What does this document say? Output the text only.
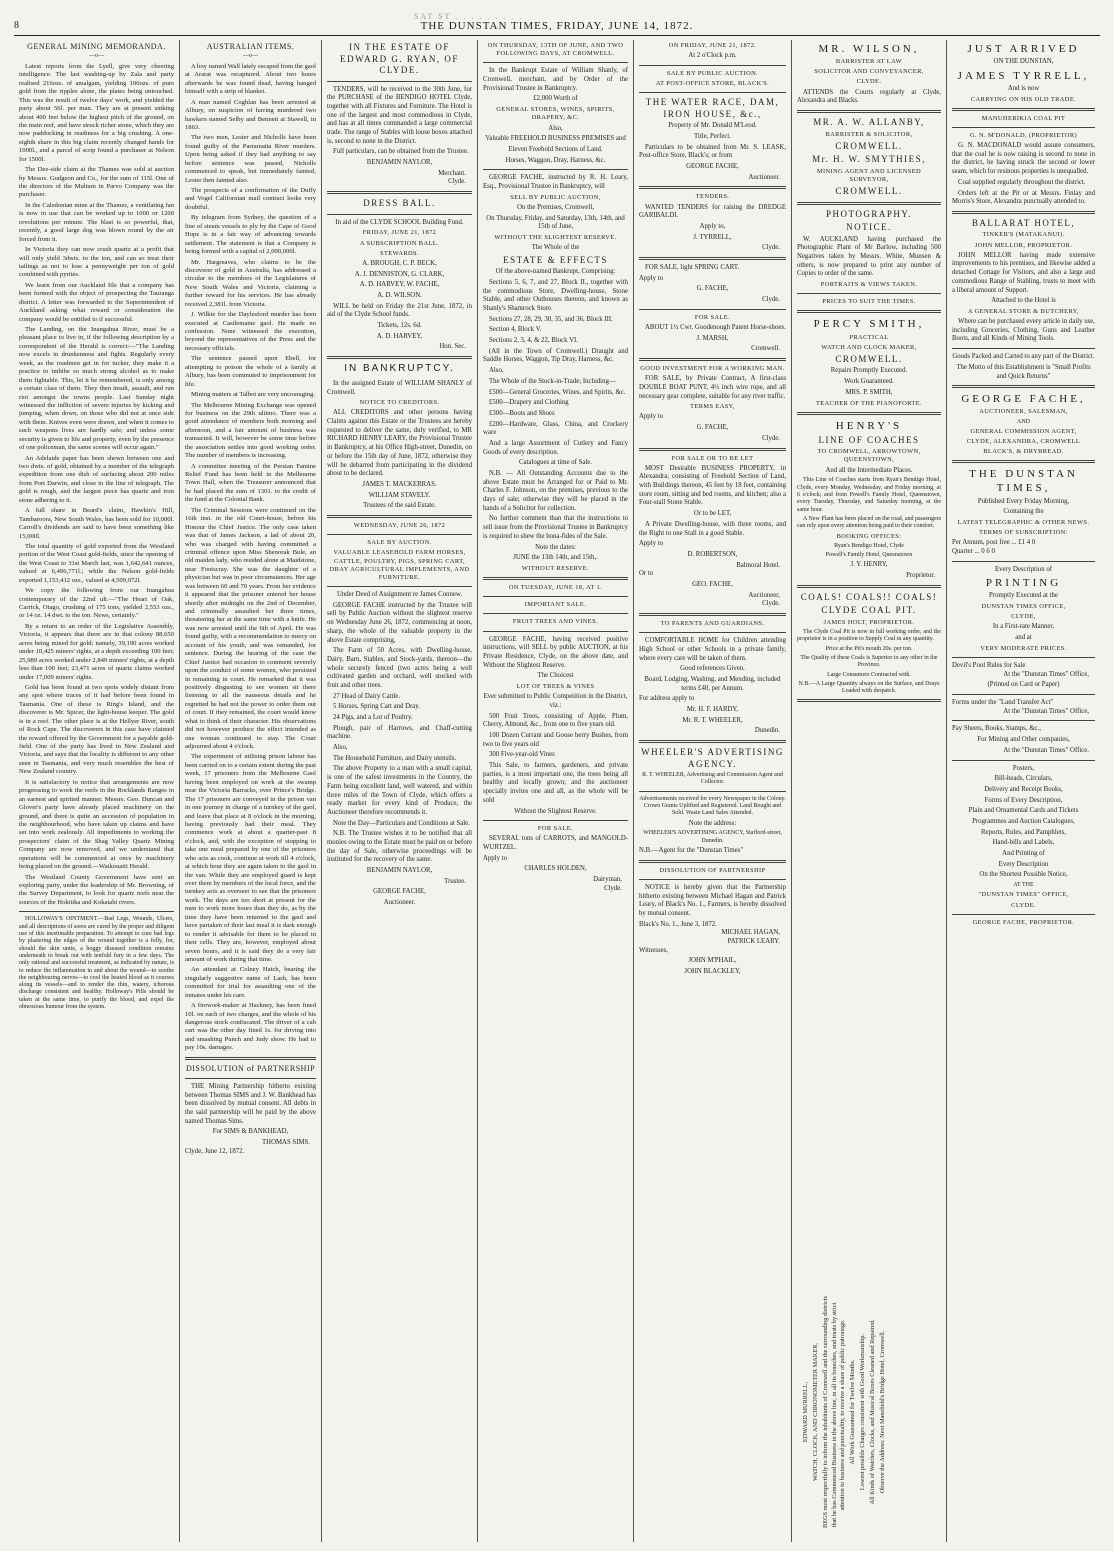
SAT ST . . . . . . . . .
8	THE DUNSTAN TIMES, FRIDAY, JUNE 14, 1872.
GENERAL MINING MEMORANDA.
—o—

Latest reports from the Lyell, give very cheering intelligence. The last washing-up by Zala and party realised 216ozs. of amalgam, yielding 100ozs. of pure gold from the ripples alone, the plates being untouched. This was the result of twelve days' work, and yielded the party about 56l. per man. They are at present sinking about 400 feet below the highest pitch of the ground, on the main reef, and have struck richer stone, which they are now paddocking in readiness for a big crushing. A one-eighth share in this big claim recently changed hands for 1000l., and a parcel of scrip found a purchaser at Nelson for 1500l.

The Dee-side claim at the Thames was sold at auction by Messrs. Gudgeon and Co., for the sum of 115l. One of the directors of the Multum in Parvo Company was the purchaser.

In the Caledonian mine at the Thames, a ventilating fan is now in use that can be worked up to 1000 or 1200 revolutions per minute. The blast is so powerful, that, recently, a good large dog was blown round by the air forced from it.

In Victoria they can now crush quartz at a profit that will only yield 3dwts. to the ton, and can so treat their tailings as not to lose a pennyweight per ton of gold combined with pyrites.

We learn from our Auckland file that a company has been formed with the object of prospecting the Tauranga district. A letter was forwarded to the Superintendent of Auckland asking what reward or consideration the company would be entitled to if successful.

The Landing, on the Inangahua River, must be a pleasant place to live in, if the following description by a correspondent of the Herald is correct:—"The Landing now excels in drunkenness and fights. Regularly every week, as the roadmen get in for tucker, they make it a practice to imbibe so much strong alcohol as to make them fightable. This, let it be remembered, is only among a certain class of them. They then insult, assault, and run riot amongst the towns people. Last Sunday night witnessed the infliction of severe injuries by kicking and jumping, when down, on those who did not at once side with them. Knives even were drawn, and when it comes to such weapons lives are hardly safe; and unless some security is given to life and property, even by the presence of one policeman, the same scenes will occur again."

An Adelaide paper has been shewn between one and two dwts. of gold, obtained by a member of the telegraph expedition from one dish of surfacing about 200 miles from Port Darwin, and close to the line of telegraph. The gold is rough, and the largest piece has quartz and iron stone adhering to it.

A full share in Beard's claim, Hawkin's Hill, Tambaroora, New South Wales, has been sold for 10,000l. Carroll's dividends are said to have been something like 15,000l.

The total quantity of gold exported from the Westland portion of the West Coast gold-fields, since the opening of the West Coast to 31st March last, was 1,642,641 ounces, valued at 6,496,771l.; while the Nelson gold-fields exported 1,153,412 ozs., valued at 4,509,972l.

We copy the following from our Inangahua contemporary of the 22nd ult.—"The Heart of Oak, Carrick, Otago, crushing of 175 tons, yielded 2,553 ozs., or 14 oz. 14 dwt. to the ton. News, certainly."

By a return to an order of the Legislative Assembly, Victoria, it appears that there are in that colony 88,650 acres being mined for gold; namely, 39,190 acres worked under 10,425 miners' rights, at a depth exceeding 100 feet; 25,989 acres worked under 2,849 miners' rights, at a depth less than 100 feet; 23,471 acres of quartz claims worked under 17,009 miners' rights.

Gold has been found at two spots widely distant from any spot where traces of it had before been found in Tasmania. One of these is Ring's Island, and the discoverer is Mr. Spicer, the light-house keeper. The gold is in a reef. The other place is at the Hellyer River, south of Rock Cape. The discoverers in this case have claimed the reward offered by the Government for a payable gold-field. One of the party has lived in New Zealand and Victoria, and says that the locality is different to any other seen in Tasmania, and very much resembles the best of New Zealand country.

It is satisfactory to notice that arrangements are now progressing to work the reefs in the Rocklands Ranges in an earnest and spirited manner. Messrs. Geo. Duncan and Glover's party have already placed machinery on the ground, and there is quite an accession of population in the neighbourhood, who have taken up claims and have set into work zealously. All impediments to working the prospectors' claim of the Shag Valley Quartz Mining Company are now removed, and we understand that operations will be commenced at once by machinery being placed on the ground.—Waikouaiti Herald.

The Westland County Government have sent an exploring party, under the leadership of Mr. Browning, of the Survey Department, to look for quartz reefs near the sources of the Hokitika and Kokatahi rivers.

HOLLOWAY'S OINTMENT.—Bad Legs, Wounds, Ulcers, and all descriptions of sores are cured by the proper and diligent use of this inestimable preparation. To attempt to cure bad legs by plastering the edges of the wound together is a folly, for, should the skin unite, a boggy diseased condition remains underneath to break out with tenfold fury in a few days. The only rational and successful treatment, as indicated by nature, is to reduce the inflammation in and about the wound—to soothe the neighbouring nerves—to cool the heated blood as it courses along its vessels—and to render the thin, watery, ichorous discharge consistent and healthy. Holloway's Pills should be taken at the same time, to purify the blood, and expel the obnoxious humour from the system.

AUSTRALIAN ITEMS.
—o—

A boy named Wall lately escaped from the gaol at Ararat was recaptured. About two hours afterwards he was found dead, having hanged himself with a strip of blanket.

A man named Coghlan has been arrested at Albury, on suspicion of having murdered two hawkers named Selby and Bennett at Stawell, in 1863.

The two men, Lester and Nicholls have been found guilty of the Parramatta River murders. Upon being asked if they had anything to say before sentence was passed, Nicholls commenced to speak, but immediately fainted, Lester then fainted also.

The prospects of a confirmation of the Duffy and Vogel Californian mail contract looks very doubtful.

By telegram from Sydney, the question of a line of steam vessels to ply by the Cape of Good Hope is in a fair way of advancing towards settlement. The statement is that a Company is being formed with a capital of 2,000,000l.

Mr. Hargreaves, who claims to be the discoverer of gold in Australia, has addressed a circular to the members of the Legislatures of New South Wales and Victoria, claiming a further reward for his services. He has already received 2,381l. from Victoria.

J. Wilkie for the Daylesford murder has been executed at Castlemaine gaol. He made no confession. None witnessed the execution, beyond the representatives of the Press and the necessary officials.

The sentence passed upon Ebell, for attempting to poison the whole of a family at Albury, has been commuted to imprisonment for life.

Mining matters at Talbot are very encouraging.

The Melbourne Mining Exchange was opened for business on the 29th ultimo. There was a good attendance of members both morning and afternoon, and a fair amount of business was transacted. It will, however be some time before the association settles into good working order. The number of members is increasing.

A committee meeting of the Persian Famine Relief Fund has been held in the Melbourne Town Hall, when the Treasurer announced that he had placed the sum of 1301. to the credit of the fund at the Colonial Bank.

The Criminal Sessions were continued on the 16th inst. in the old Court-house, before his Honour the Chief Justice. The only case taken was that of James Jackson, a lad of about 20, who was charged with having committed a criminal offence upon Miss Shenorak Bule, an old maiden lady, who resided alone at Maidstone, near Footscray. She was the daughter of a physician but was in poor circumstances. Her age was between 60 and 70 years. From her evidence it appeared that the prisoner entered her house shortly after midnight on the 2nd of December, and criminally assaulted her three times, threatening her at the same time with a knife. He was now arrested until the 6th of April. He was found guilty, with a recommendation to mercy on account of his youth, and was remanded, for sentence. During the hearing of the case the Chief Justice had occasion to comment severely upon the conduct of some women, who persisted in remaining in court. He remarked that it was positively disgusting to see women sit there listening to all the nauseous details and he regretted he had not the power to order them out of court. If they remained, the court would know what to think of their character. His observations did not however produce the effect intended as one woman continued to stay. The Court adjourned about 4 o'clock.

The experiment of utilising prison labour has been carried on to a certain extent during the past week, 17 prisoners from the Melbourne Gaol having been employed on work at the swamp near the Victoria Barracks, over Prince's Bridge. The 17 prisoners are conveyed in the prison van in one journey in charge of a turnkey of the gaol, and leave that place at 8 o'clock in the morning, having previously had their meal. They commence work at about a quarter-past 8 o'clock, and, with the exception of stopping to take one meal prepared by one of the prisoners who acts as cook, continue at work till 4 o'clock, at which hour they are again taken to the gaol in the van. While they are employed guard is kept over them by members of the local force, and the turnkey acts as overseer to see that the prisoners work. The days are too short at present for the men to work more hours than they do, as by the time they have been returned to the gaol and have partaken of their last meal it is dark enough to render it advisable for them to be placed in their cells. They are, however, employed about seven hours, and it is said they do a very fair amount of work during that time.

An attendant at Colney Hatch, bearing the singularly suggestive name of Lash, has been committed for trial for assaulting one of the inmates under his care.

A firework-maker at Hackney, has been fined 10l. on each of two charges, and the whole of his dangerous stock confiscated. The driver of a cab cart was the other day fined 1s. for driving into and smashing Punch and Judy show. He had to pay 10s. damages.

DISSOLUTION of PARTNERSHIP

THE Mining Partnership hitherto existing between Thomas SIMS and J. W. Bankhead has been dissolved by mutual consent. All debts in the said partnership will be paid by the above named Thomas Sims.

For SIMS & BANKHEAD,
THOMAS SIMS.
Clyde, June 12, 1872.
IN THE ESTATE OF EDWARD G. RYAN, OF CLYDE.

TENDERS, will be received to the 30th June, for the PURCHASE of the BENDIGO HOTEL Clyde, together with all Fixtures and Furniture. The Hotel is one of the largest and most commodious in Clyde, and has at all times commanded a large commercial trade. The range of Stables with loose boxes attached is, second to none in the District.

Full particulars, can be obtained from the Trustee.

BENJAMIN NAYLOR,
Merchant.
Clyde.
DRESS BALL.
In aid of the CLYDE SCHOOL Building Fund.
FRIDAY, JUNE 21, 1872
A SUBSCRIPTION BALL.
STEWARDS.
A. BROUGH, C. P. BECK,
A. J. DENNISTON, G. CLARK,
A. D. HARVEY, W. FACHE,
A. D. WILSON.

WILL be held on Friday the 21st June, 1872, in aid of the Clyde School funds.

Tickets, 12s. 6d.
A. D. HARVEY,
Hon. Sec.
IN BANKRUPTCY.

In the assigned Estate of WILLIAM SHANLY of Cromwell.

NOTICE TO CREDITORS.

ALL CREDITORS and other persons having Claims against this Estate or the Trustees are hereby requested to deliver the same, duly verified, to MR RICHARD HENRY LEARY, the Provisional Trustee in Bankruptcy, at his Office High-street, Dunedin, on or before the 15th day of June, 1872, otherwise they will be debarred from participating in the dividend about to be declared.

JAMES T. MACKERRAS.
WILLIAM STAVELY.
Trustees of the said Estate.
WEDNESDAY, JUNE 26, 1872
SALE BY AUCTION.
VALUABLE LEASEHOLD FARM HORSES, CATTLE, POULTRY, PIGS, SPRING CART, DRAY AGRICULTURAL IMPLEMENTS, AND FURNITURE.
Under Deed of Assignment re James Connew.

GEORGE FACHE instructed by the Trustee will sell by Public Auction without the slightest reserve on Wednesday June 26, 1872, commencing at noon, sharp, the whole of the valuable property in the above Estate comprising,

The Farm of 50 Acres, with Dwelling-house, Dairy, Barn, Stables, and Stock-yards, thereon—the whole securely fenced (two acres being a well cultivated garden and orchard, well stocked with fruit and other trees.

27 Head of Dairy Cattle.

5 Horses, Spring Cart and Dray.

24 Pigs, and a Lot of Poultry.

Plough, pair of Harrows, and Chaff-cutting machine.

Also,

The Household Furniture, and Dairy utensils.

The above Property to a man with a small capital, is one of the safest investments in the Country, the Farm being excellent land, well watered, and within three miles of the Town of Clyde, which offers a ready market for every kind of Produce, the Auctioneer therefore recommends it.

Note the Day—Particulars and Conditions at Sale.

N.B. The Trustee wishes it to be notified that all monies owing to the Estate must be paid on or before the day of Sale, otherwise proceedings will be instituted for the recovery of the same.

BENJAMIN NAYLOR,
Trustee.
GEORGE FACHE,
Auctioneer.
ON THURSDAY, 13TH OF JUNE, AND TWO FOLLOWING DAYS, AT CROMWELL.

In the Bankrupt Estate of William Shanly, of Cromwell, merchant, and by Order of the Provisional Trustee in Bankruptcy.

£2,000 Worth of
GENERAL STORES, WINES, SPIRITS, DRAPERY, &C.
Also,
Valuable FREEHOLD BUSINESS PREMISES and
Eleven Freehold Sections of Land.
Horses, Waggon, Dray, Harness, &c.

GEORGE FACHE, instructed by R. H. Leary, Esq., Provisional Trustee in Bankruptcy, will

SELL BY PUBLIC AUCTION,
On the Premises, Cromwell,
On Thursday, Friday, and Saturday, 13th, 14th, and 15th of June,
WITHOUT THE SLIGHTEST RESERVE.
The Whole of the
ESTATE & EFFECTS
Of the above-named Bankrupt, Comprising:

Sections 5, 6, 7, and 27, Block II., together with the commodious Store, Dwelling-house, Stone Stable, and other Outhouses thereon, and known as Shanly's Shamrock Store.

Sections 27, 28, 29, 30, 35, and 36, Block III.

Section 4, Block V.

Sections 2, 3, 4, & 22, Block VI.

(All in the Town of Cromwell.) Draught and Saddle Horses, Waggon, Tip Dray, Harness, &c.

Also,

The Whole of the Stock-in-Trade; Including—

£500—General Groceries, Wines, and Spirits, &c.

£500—Drapery and Clothing

£300—Boots and Shoes

£200—Hardware, Glass, China, and Crockery ware

And a large Assortment of Cutlery and Fancy Goods of every description.

Catalogues at time of Sale.

N.B. — All Outstanding Accounts due to the above Estate must be Arranged for or Paid to Mr. Charles F. Johnson, on the premises, previous to the days of sale; otherwise they will be placed in the hands of a Solicitor for collection.

No further comment than that the instructions to sell issue from the Provisional Trustee in Bankruptcy is required to shew the bona-fides of the Sale.

Note the dates:
JUNE the 13th 14th, and 15th,.
WITHOUT RESERVE.
ON TUESDAY, JUNE 18, AT 1.
IMPORTANT SALE.
FRUIT TREES AND VINES.

GEORGE FACHE, having received positive instructions, will SELL by public AUCTION, at his Private Residence, Clyde, on the above date, and Without the Slightest Reserve.

The Choicest
LOT OF TREES & VINES
Ever submitted to Public Competition in the District, viz.:

500 Fruit Trees, consisting of Apple, Plum, Cherry, Almond, &c., from one to five years old.

100 Dozen Currant and Goose berry Bushes, from two to five years old

300 Five-year-old Vines

This Sale, to farmers, gardeners, and private parties, is a most important one, the trees being all healthy and locally grown; and the auctioneer specially invites one and all, as the whole will be sold

Without the Slightest Reserve.
FOR SALE.

SEVERAL tons of CARROTS, and MANGOLD-WURTZEL.

Apply to
CHARLES HOLDEN,
Dairyman,
Clyde.
ON FRIDAY, JUNE 21, 1872.
At 2 o'Clock p.m.
SALE BY PUBLIC AUCTION.
AT POST-OFFICE STORE, BLACK'S.
THE WATER RACE, DAM, IRON HOUSE, &c.,
Property of Mr. Donald M'Leod.
Title, Perfect.

Particulars to be obtained from Mr. S. LEASK, Post-office Store, Black's; or from

GEORGE FACHE,
Auctioneer.
TENDERS.

WANTED TENDERS for raising the DREDGE GARIBALDI.

Apply to,
J. TYRRELL,
Clyde.

FOR SALE, light SPRING CART.

Apply to
G. FACHE,
Clyde.
FOR SALE.

ABOUT 1½ Cwt. Goodenough Patent Horse-shoes.

J. MARSH,
Cromwell.
GOOD INVESTMENT FOR A WORKING MAN.

FOR SALE, by Private Contract, A first-class DOUBLE BOAT PUNT, 4½ inch wire rope, and all necessary gear complete, suitable for any river traffic.

TERMS EASY,
Apply to
G. FACHE,
Clyde.
FOR SALE OR TO BE LET

MOST Desirable BUSINESS PROPERTY, in Alexandra; consisting of Freehold Section of Land, with Buildings thereon, 45 feet by 18 feet, containing store room, sitting and bed rooms, and kitchen; also a Four-stall Stone Stable.

Or to be LET,

A Private Dwelling-house, with three rooms, and the Right to one Stall in a good Stable.

Apply to
D. ROBERTSON,
Balmoral Hotel.
Or to
GEO. FACHE,
Auctioneer,
Clyde.
TO PARENTS AND GUARDIANS.

COMFORTABLE HOME for Children attending High School or other Schools in a private family, where every care will be taken of them.

Good references Given.
Board, Lodging, Washing, and Mending, included terms £40, per Annum.
For address apply to
Mr. H. F. HARDY,
Mr. R. T. WHEELER,
Dunedin.
WHEELER'S ADVERTISING AGENCY.
R. T. WHEELER, Advertising and Commission Agent and Collector.
Advertisements received for every Newspaper in the Colony. Crown Grants Uplifted and Registered. Land Bought and Sold. Waste Land Sales Attended.
Note the address:
WHEELER'S ADVERTISING AGENCY, Stafford-street, Dunedin.
N.B.—Agent for the "Dunstan Times"
DISSOLUTION OF PARTNERSHIP

NOTICE is hereby given that the Partnership hitherto existing between Michael Hagan and Patrick Leary, of Black's No. 1., Farmers, is hereby dissolved by mutual consent.

Black's No. 1., June 3, 1872.
MICHAEL HAGAN,
PATRICK LEARY.
Witnesses,
JOHN M'PHAIL,
JOHN BLACKLEY,
MR. WILSON,
BARRISTER AT LAW
SOLICITOR AND CONVEYANCER,
CLYDE.

ATTENDS the Courts regularly at Clyde, Alexandra and Blacks.

MR. A. W. ALLANBY,
BARRISTER & SOLICITOR,
CROMWELL.
Mr. H. W. SMYTHIES,
MINING AGENT AND LICENSED SURVEYOR,
CROMWELL.
PHOTOGRAPHY.
NOTICE.

W. AUCKLAND having purchased the Photographic Plant of Mr Barlow, including 500 Negatives taken by Messrs. White, Munsen & others, is now prepared to print any number of Copies to order of the same.

PORTRAITS & VIEWS TAKEN.
PRICES TO SUIT THE TIMES.
PERCY SMITH,
PRACTICAL
WATCH AND CLOCK MAKER,
CROMWELL.
Repairs Promptly Executed.
Work Guaranteed.
MRS. P. SMITH,
TEACHER OF THE PIANOFORTE.
HENRY'S
LINE OF COACHES
TO CROMWELL, ARROWTOWN, QUEENSTOWN,
And all the Intermediate Places.

This Line of Coaches starts from Ryan's Bendigo Hotel, Clyde, every Monday, Wednesday, and Friday morning, at 6 o'clock; and from Powell's Family Hotel, Queenstown, every Tuesday, Thursday, and Saturday morning, at the same hour.

A New Plant has been placed on the road, and passengers can rely upon every attention being paid to their comfort.

BOOKING OFFICES:
Ryan's Bendigo Hotel, Clyde
Powell's Family Hotel, Queenstown
J. Y. HENRY,
Proprietor.
COALS! COALS!! COALS!
CLYDE COAL PIT.
JAMES HOLT, PROPRIETOR.

The Clyde Coal Pit is now in full working order, and the proprietor is in a position to Supply Coal in any quantity.

Price at the Pit's mouth 20s. per ton.
The Quality of these Coals is Superior to any other in the Province.
Large Consumers Contracted with.
N.B.—A Large Quantity always on the Surface, and Drays Loaded with despatch.

EDWARD MURRELL, WATCH, CLOCK, AND CHRONOMETER MAKER, BEGS most respectfully to inform the inhabitants of Cromwell and the surrounding districts that he has Commenced Business in the above line, in all its branches, and trusts by strict attention to business and punctuality, to receive a share of public patronage. All Work Guaranteed for Twelve Months. Lowest possible Charges consistent with Good Workmanship. All Kinds of Watches, Clocks, and Musical Boxes Cleaned and Repaired. Observe the Address: Next Mansfield's Bridge Hotel, Cromwell.

JUST ARRIVED
ON THE DUNSTAN,
JAMES TYRRELL,
And is now
CARRYING ON HIS OLD TRADE.
MANUHERIKIA COAL PIT
G. N. M'DONALD, (PROPRIETOR)

G. N. MACDONALD would assure consumers, that the coal he is now raising is second to none in the district, he having struck the second or lower seam, which for resinous properties is unequalled.

Coal supplied regularly throughout the district.

Orders left at the Pit or at Messrs. Finlay and Morris's Store, Alexandra punctually attended to.

BALLARAT HOTEL,
TINKER'S (MATAKANUI).
JOHN MELLOR, PROPRIETOR.

JOHN MELLOR having made extensive improvements to his premises, and likewise added a detached Cottage for Visitors, and also a large and commodious Range of Stabling, trusts to meet with a liberal amount of Support.

Attached to the Hotel is
A GENERAL STORE & BUTCHERY,

Where can be purchased every article in daily use, including Groceries, Clothing, Guns and Leather Boots, and all Kinds of Mining Tools.

Goods Packed and Carted to any part of the District.
The Motto of this Establishment is "Small Profits and Quick Returns"
GEORGE FACHE,
AUCTIONEER, SALESMAN,
AND
GENERAL COMMISSION AGENT,
CLYDE, ALEXANDRA, CROMWELL
BLACK'S, & DRYBREAD.
THE DUNSTAN TIMES,
Published Every Friday Morning,
Containing the
LATEST TELEGRAPHIC & OTHER NEWS.
TERMS OF SUBSCRIPTION:
Per Annum, post free ... £1 4 0
Quarter ... 0 6 0
Every Description of
PRINTING
Promptly Executed at the
DUNSTAN TIMES OFFICE,
CLYDE,
In a First-rate Manner,
and at
VERY MODERATE PRICES.
Devil's Pool Rules for Sale
At the "Dunstan Times" Office,
(Printed on Card or Paper)
Forms under the "Land Transfer Act"
At the "Dunstan Times" Office,
Pay Sheets, Books, Stamps, &c.,
For Mining and Other companies,
At the "Dunstan Times" Office.
Posters,
Bill-heads, Circulars,
Delivery and Receipt Books,
Forms of Every Description,
Plain and Ornamental Cards and Tickets
Programmes and Auction Catalogues,
Reports, Rules, and Pamphlets,
Hand-bills and Labels,
And Printing of
Every Description
On the Shortest Possible Notice,
AT THE
"DUNSTAN TIMES" OFFICE,
CLYDE.
GEORGE FACHE, PROPRIETOR.
